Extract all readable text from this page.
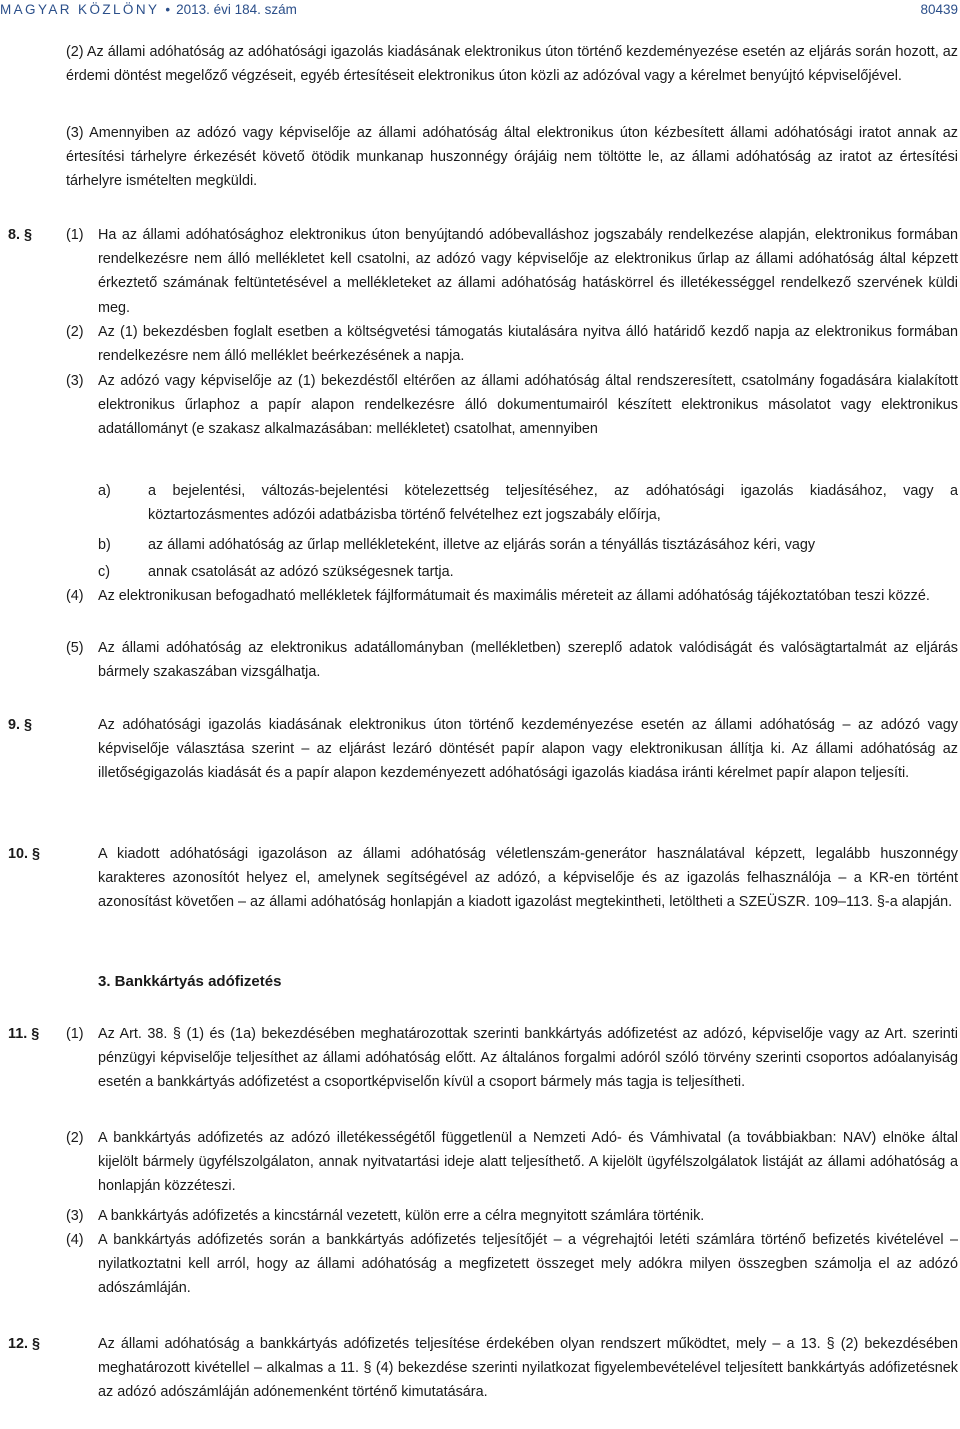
MAGYAR KÖZLÖNY • 2013. évi 184. szám	80439
(2) Az állami adóhatóság az adóhatósági igazolás kiadásának elektronikus úton történő kezdeményezése esetén az eljárás során hozott, az érdemi döntést megelőző végzéseit, egyéb értesítéseit elektronikus úton közli az adózóval vagy a kérelmet benyújtó képviselőjével.
(3) Amennyiben az adózó vagy képviselője az állami adóhatóság által elektronikus úton kézbesített állami adóhatósági iratot annak az értesítési tárhelyre érkezését követő ötödik munkanap huszonnégy órájáig nem töltötte le, az állami adóhatóság az iratot az értesítési tárhelyre ismételten megküldi.
8. § (1) Ha az állami adóhatósághoz elektronikus úton benyújtandó adóbevalláshoz jogszabály rendelkezése alapján, elektronikus formában rendelkezésre nem álló mellékletet kell csatolni, az adózó vagy képviselője az elektronikus űrlap az állami adóhatóság által képzett érkeztető számának feltüntetésével a mellékleteket az állami adóhatóság hatáskörrel és illetékességgel rendelkező szervének küldi meg.
(2) Az (1) bekezdésben foglalt esetben a költségvetési támogatás kiutalására nyitva álló határidő kezdő napja az elektronikus formában rendelkezésre nem álló melléklet beérkezésének a napja.
(3) Az adózó vagy képviselője az (1) bekezdéstől eltérően az állami adóhatóság által rendszeresített, csatolmány fogadására kialakított elektronikus űrlaphoz a papír alapon rendelkezésre álló dokumentumairól készített elektronikus másolatot vagy elektronikus adatállományt (e szakasz alkalmazásában: mellékletet) csatolhat, amennyiben
a)	a bejelentési, változás-bejelentési kötelezettség teljesítéséhez, az adóhatósági igazolás kiadásához, vagy a köztartozásmentes adózói adatbázisba történő felvételhez ezt jogszabály előírja,
b)	az állami adóhatóság az űrlap mellékleteként, illetve az eljárás során a tényállás tisztázásához kéri, vagy
c)	annak csatolását az adózó szükségesnek tartja.
(4) Az elektronikusan befogadható mellékletek fájlformátumait és maximális méreteit az állami adóhatóság tájékoztatóban teszi közzé.
(5) Az állami adóhatóság az elektronikus adatállományban (mellékletben) szereplő adatok valódiságát és valósägtartalmát az eljárás bármely szakaszában vizsgálhatja.
9. §	Az adóhatósági igazolás kiadásának elektronikus úton történő kezdeményezése esetén az állami adóhatóság – az adózó vagy képviselője választása szerint – az eljárást lezáró döntését papír alapon vagy elektronikusan állítja ki. Az állami adóhatóság az illetőségigazolás kiadását és a papír alapon kezdeményezett adóhatósági igazolás kiadása iránti kérelmet papír alapon teljesíti.
10. §	A kiadott adóhatósági igazoláson az állami adóhatóság véletlenszám-generátor használatával képzett, legalább huszonnégy karakteres azonosítót helyez el, amelynek segítségével az adózó, a képviselője és az igazolás felhasználója – a KR-en történt azonosítást követően – az állami adóhatóság honlapján a kiadott igazolást megtekintheti, letöltheti a SZEÜSZR. 109–113. §-a alapján.
3. Bankkártyás adófizetés
11. § (1) Az Art. 38. § (1) és (1a) bekezdésében meghatározottak szerinti bankkártyás adófizetést az adózó, képviselője vagy az Art. szerinti pénzügyi képviselője teljesíthet az állami adóhatóság előtt. Az általános forgalmi adóról szóló törvény szerinti csoportos adóalanyiság esetén a bankkártyás adófizetést a csoportképviselőn kívül a csoport bármely más tagja is teljesítheti.
(2) A bankkártyás adófizetés az adózó illetékességétől függetlenül a Nemzeti Adó- és Vámhivatal (a továbbiakban: NAV) elnöke által kijelölt bármely ügyfélszolgálaton, annak nyitvatartási ideje alatt teljesíthető. A kijelölt ügyfélszolgálatok listáját az állami adóhatóság a honlapján közzéteszi.
(3) A bankkártyás adófizetés a kincstárnál vezetett, külön erre a célra megnyitott számlára történik.
(4) A bankkártyás adófizetés során a bankkártyás adófizetés teljesítőjét – a végrehajtói letéti számlára történő befizetés kivételével – nyilatkoztatni kell arról, hogy az állami adóhatóság a megfizetett összeget mely adókra milyen összegben számolja el az adózó adószámláján.
12. §	Az állami adóhatóság a bankkártyás adófizetés teljesítése érdekében olyan rendszert működtet, mely – a 13. § (2) bekezdésében meghatározott kivétellel – alkalmas a 11. § (4) bekezdése szerinti nyilatkozat figyelembevételével teljesített bankkártyás adófizetésnek az adózó adószámláján adónemenként történő kimutatására.
